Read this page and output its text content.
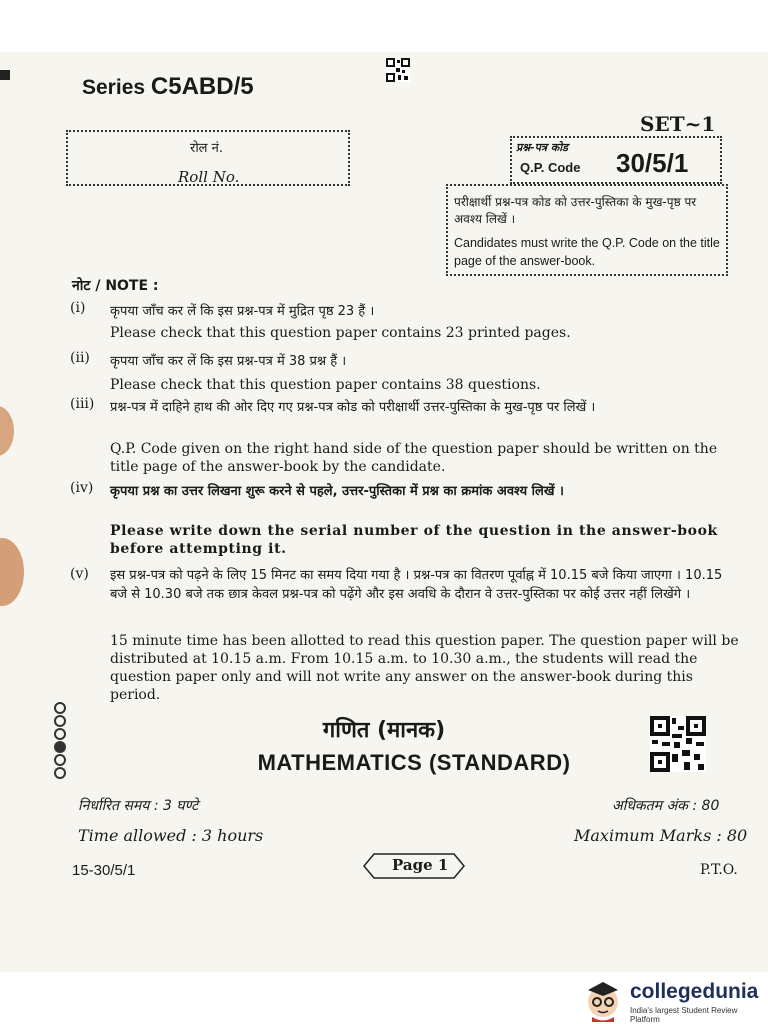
Series C5ABD/5
SET~1
रोल नं.
Roll No.
प्रश्न-पत्र कोड
Q.P. Code 30/5/1
परीक्षार्थी प्रश्न-पत्र कोड को उत्तर-पुस्तिका के मुख-पृष्ठ पर अवश्य लिखें ।
Candidates must write the Q.P. Code on the title page of the answer-book.
नोट / NOTE :
(i) कृपया जाँच कर लें कि इस प्रश्न-पत्र में मुद्रित पृष्ठ 23 हैं ।
Please check that this question paper contains 23 printed pages.
(ii) कृपया जाँच कर लें कि इस प्रश्न-पत्र में 38 प्रश्न हैं ।
Please check that this question paper contains 38 questions.
(iii) प्रश्न-पत्र में दाहिने हाथ की ओर दिए गए प्रश्न-पत्र कोड को परीक्षार्थी उत्तर-पुस्तिका के मुख-पृष्ठ पर लिखें ।
Q.P. Code given on the right hand side of the question paper should be written on the title page of the answer-book by the candidate.
(iv) कृपया प्रश्न का उत्तर लिखना शुरू करने से पहले, उत्तर-पुस्तिका में प्रश्न का क्रमांक अवश्य लिखें ।
Please write down the serial number of the question in the answer-book before attempting it.
(v) इस प्रश्न-पत्र को पढ़ने के लिए 15 मिनट का समय दिया गया है । प्रश्न-पत्र का वितरण पूर्वाह्न में 10.15 बजे किया जाएगा । 10.15 बजे से 10.30 बजे तक छात्र केवल प्रश्न-पत्र को पढ़ेंगे और इस अवधि के दौरान वे उत्तर-पुस्तिका पर कोई उत्तर नहीं लिखेंगे ।
15 minute time has been allotted to read this question paper. The question paper will be distributed at 10.15 a.m. From 10.15 a.m. to 10.30 a.m., the students will read the question paper only and will not write any answer on the answer-book during this period.
गणित (मानक)
MATHEMATICS (STANDARD)
निर्धारित समय : 3 घण्टे
Time allowed : 3 hours
अधिकतम अंक : 80
Maximum Marks : 80
15-30/5/1	Page 1	P.T.O.
collegedunia
India's largest Student Review Platform
